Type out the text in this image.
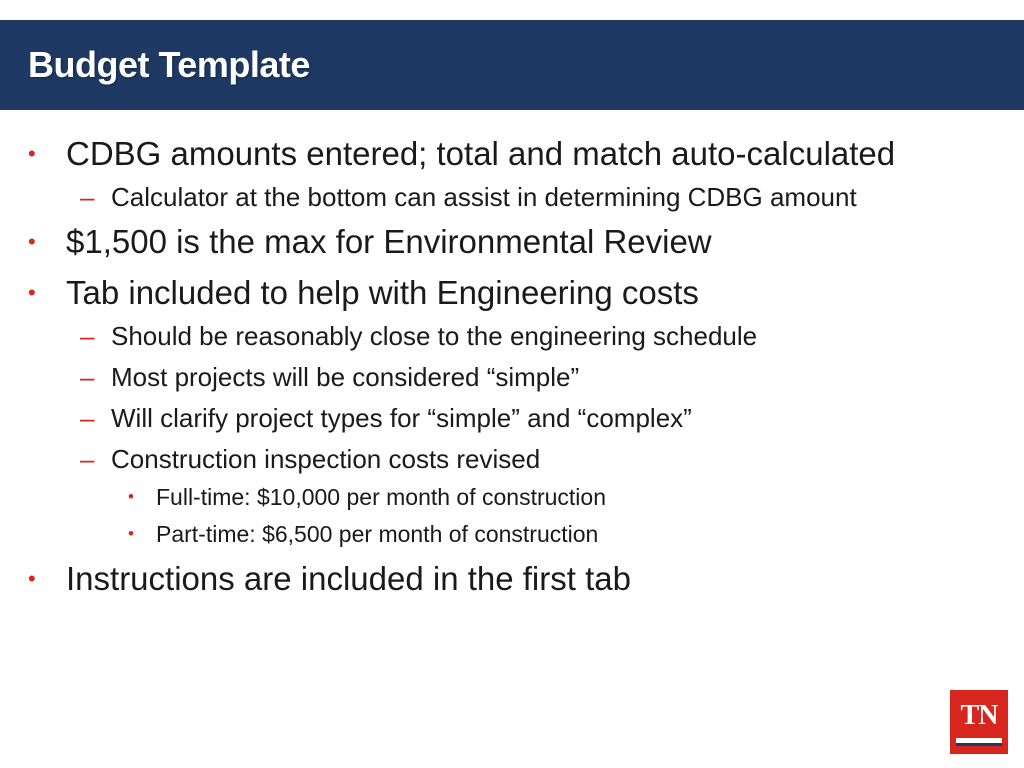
Budget Template
• CDBG amounts entered; total and match auto-calculated
– Calculator at the bottom can assist in determining CDBG amount
• $1,500 is the max for Environmental Review
• Tab included to help with Engineering costs
– Should be reasonably close to the engineering schedule
– Most projects will be considered “simple”
– Will clarify project types for “simple” and “complex”
– Construction inspection costs revised
• Full-time: $10,000 per month of construction
• Part-time: $6,500 per month of construction
• Instructions are included in the first tab
TN
